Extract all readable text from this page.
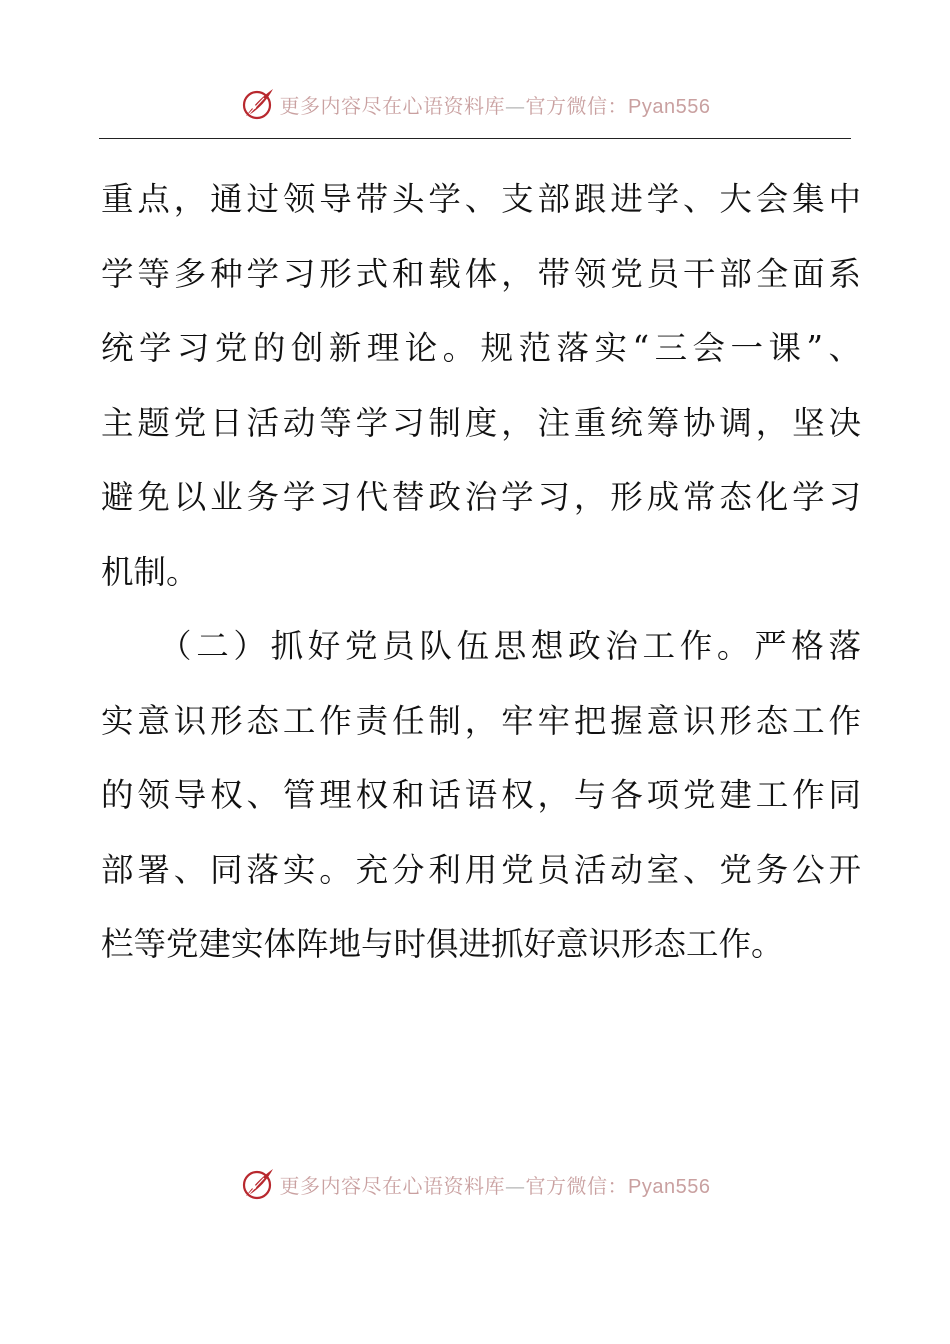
更多内容尽在心语资料库—官方微信：Pyan556
重点，通过领导带头学、支部跟进学、大会集中
学等多种学习形式和载体，带领党员干部全面系
统学习党的创新理论。规范落实“三会一课”、
主题党日活动等学习制度，注重统筹协调，坚决
避免以业务学习代替政治学习，形成常态化学习
机制。
（二）抓好党员队伍思想政治工作。严格落
实意识形态工作责任制，牢牢把握意识形态工作
的领导权、管理权和话语权，与各项党建工作同
部署、同落实。充分利用党员活动室、党务公开
栏等党建实体阵地与时俱进抓好意识形态工作。
更多内容尽在心语资料库—官方微信：Pyan556
